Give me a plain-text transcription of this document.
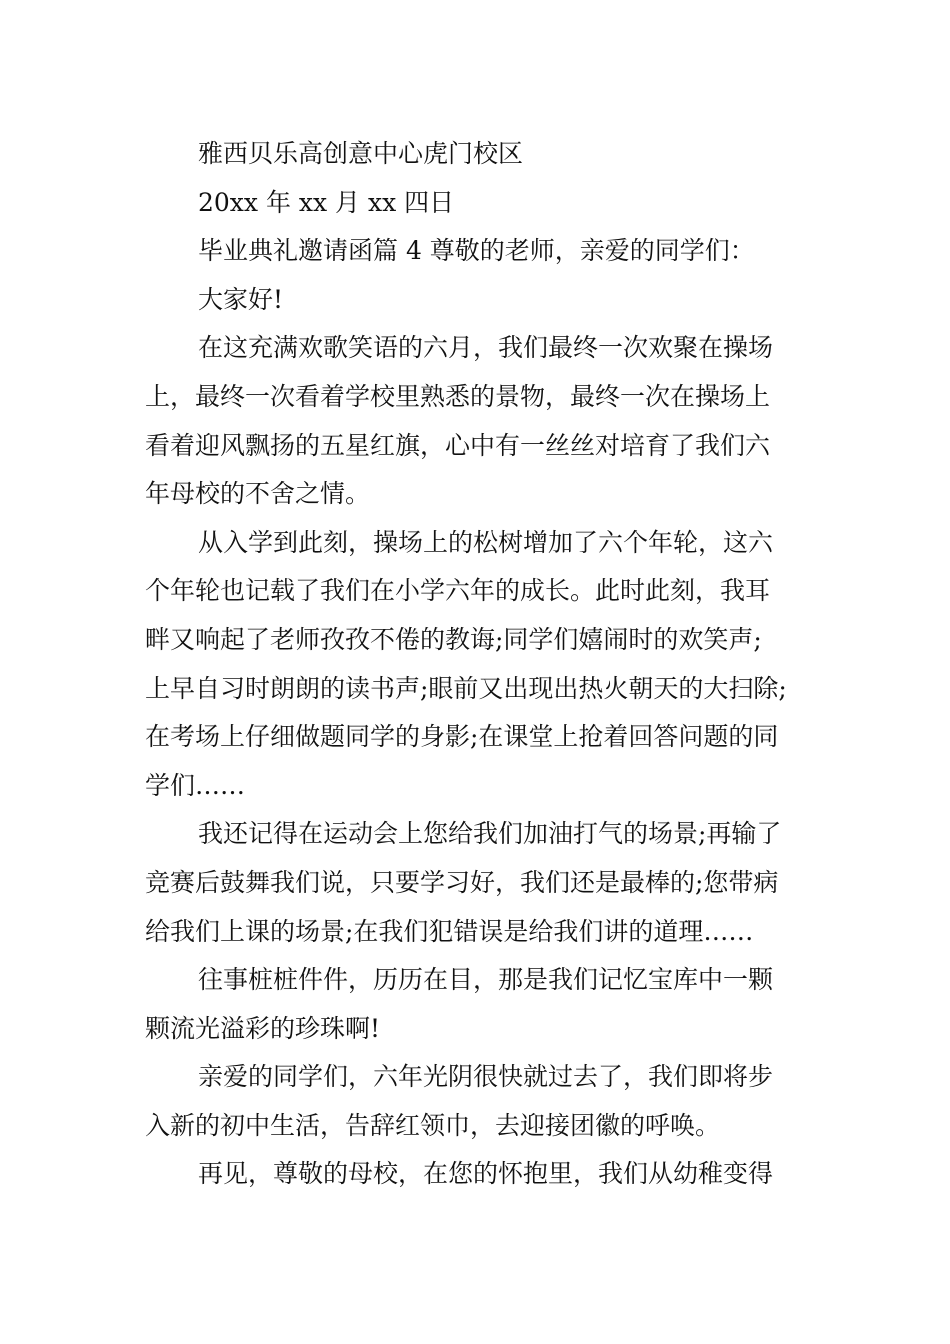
雅西贝乐高创意中心虎门校区
20xx 年 xx 月 xx 四日
毕业典礼邀请函篇 4 尊敬的老师，亲爱的同学们：
大家好!
在这充满欢歌笑语的六月，我们最终一次欢聚在操场
上，最终一次看着学校里熟悉的景物，最终一次在操场上
看着迎风飘扬的五星红旗，心中有一丝丝对培育了我们六
年母校的不舍之情。
从入学到此刻，操场上的松树增加了六个年轮，这六
个年轮也记载了我们在小学六年的成长。此时此刻，我耳
畔又响起了老师孜孜不倦的教诲;同学们嬉闹时的欢笑声;
上早自习时朗朗的读书声;眼前又出现出热火朝天的大扫除;
在考场上仔细做题同学的身影;在课堂上抢着回答问题的同
学们……
我还记得在运动会上您给我们加油打气的场景;再输了
竞赛后鼓舞我们说，只要学习好，我们还是最棒的;您带病
给我们上课的场景;在我们犯错误是给我们讲的道理……
往事桩桩件件，历历在目，那是我们记忆宝库中一颗
颗流光溢彩的珍珠啊!
亲爱的同学们，六年光阴很快就过去了，我们即将步
入新的初中生活，告辞红领巾，去迎接团徽的呼唤。
再见，尊敬的母校，在您的怀抱里，我们从幼稚变得
